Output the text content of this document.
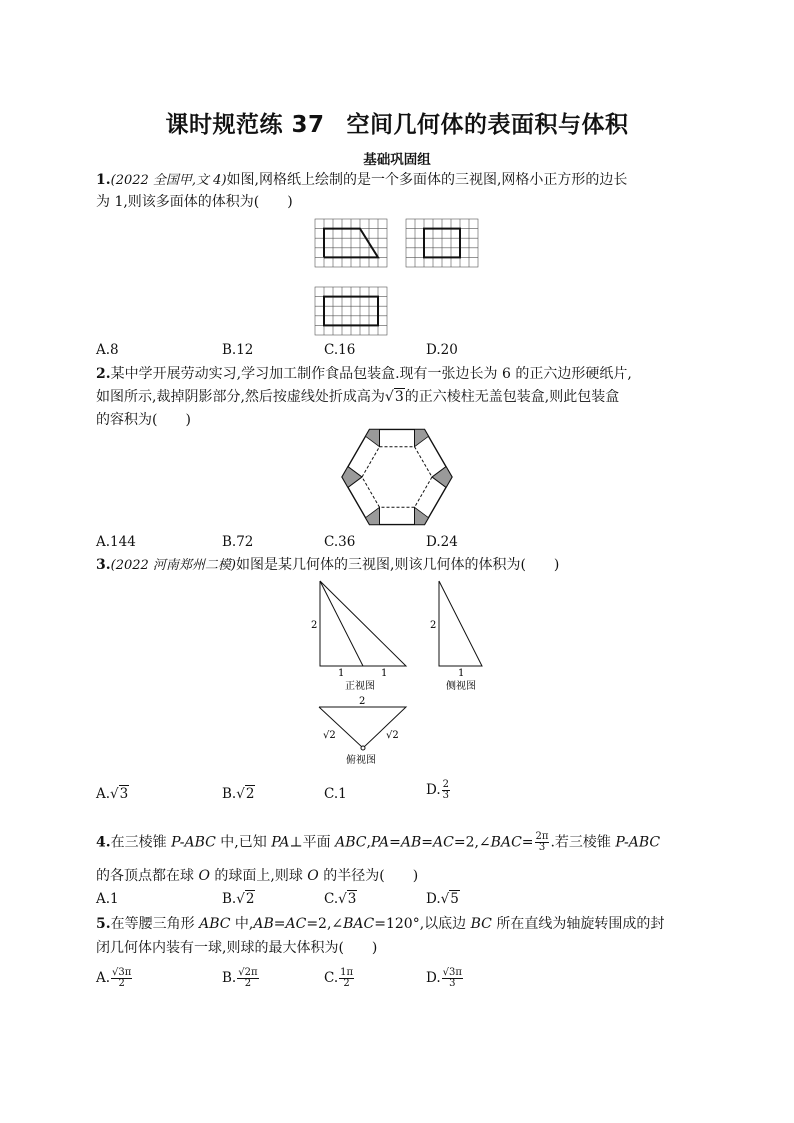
课时规范练 37 空间几何体的表面积与体积
基础巩固组
1.(2022 全国甲,文 4)如图,网格纸上绘制的是一个多面体的三视图,网格小正方形的边长
为 1,则该多面体的体积为(　　)
A.8	B.12	C.16	D.20
2.某中学开展劳动实习,学习加工制作食品包装盒.现有一张边长为 6 的正六边形硬纸片,
如图所示,裁掉阴影部分,然后按虚线处折成高为√3的正六棱柱无盖包装盒,则此包装盒
的容积为(　　)
A.144	B.72	C.36	D.24
3.(2022 河南郑州二模)如图是某几何体的三视图,则该几何体的体积为(　　)
2
1	1
正视图
2
1
侧视图
2
√2	√2
俯视图
A.√3	B.√2	C.1	D. $\frac{2}{3}$
4.在三棱锥 P-ABC 中,已知 PA⊥平面 ABC,PA=AB=AC=2,∠BAC= $\frac{2\pi}{3}$ .若三棱锥 P-ABC
的各顶点都在球 O 的球面上,则球 O 的半径为(　　)
A.1	B.√2	C.√3	D.√5
5.在等腰三角形 ABC 中,AB=AC=2,∠BAC=120°,以底边 BC 所在直线为轴旋转围成的封
闭几何体内装有一球,则球的最大体积为(　　)
A. $\frac{√3\pi}{2}$	B. $\frac{√2\pi}{2}$	C. $\frac{1\pi}{2}$	D. $\frac{√3\pi}{3}$
